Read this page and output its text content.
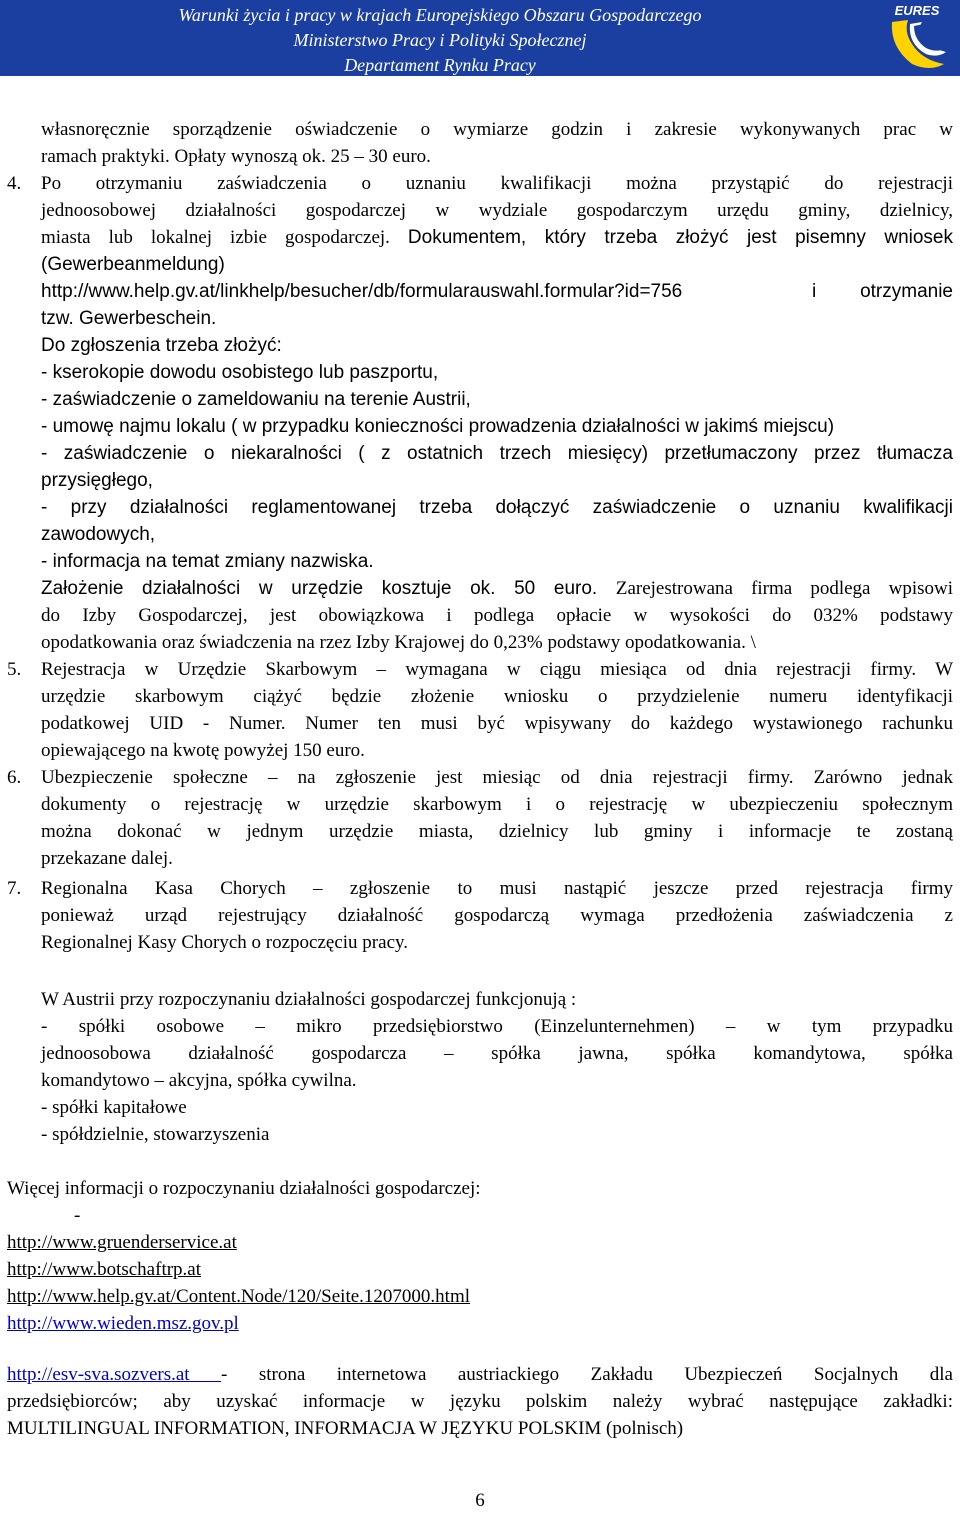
Warunki życia i pracy w krajach Europejskiego Obszaru Gospodarczego
Ministerstwo Pracy i Polityki Społecznej
Departament Rynku Pracy
EURES
własnoręcznie sporządzenie oświadczenie o wymiarze godzin i zakresie wykonywanych prac w
ramach praktyki. Opłaty wynoszą ok. 25 – 30 euro.
4. Po otrzymaniu zaświadczenia o uznaniu kwalifikacji można przystąpić do rejestracji
jednoosobowej działalności gospodarczej w wydziale gospodarczym urzędu gminy, dzielnicy,
miasta lub lokalnej izbie gospodarczej. Dokumentem, który trzeba złożyć jest pisemny wniosek
(Gewerbeanmeldung)
http://www.help.gv.at/linkhelp/besucher/db/formularauswahl.formular?id=756	i otrzymanie
tzw. Gewerbeschein.
Do zgłoszenia trzeba złożyć:
- kserokopie dowodu osobistego lub paszportu,
- zaświadczenie o zameldowaniu na terenie Austrii,
- umowę najmu lokalu ( w przypadku konieczności prowadzenia działalności w jakimś miejscu)
- zaświadczenie o niekaralności ( z ostatnich trzech miesięcy) przetłumaczony przez tłumacza
przysięgłego,
- przy działalności reglamentowanej trzeba dołączyć zaświadczenie o uznaniu kwalifikacji
zawodowych,
- informacja na temat zmiany nazwiska.
Założenie działalności w urzędzie kosztuje ok. 50 euro. Zarejestrowana firma podlega wpisowi
do Izby Gospodarczej, jest obowiązkowa i podlega opłacie w wysokości do 032% podstawy
opodatkowania oraz świadczenia na rzez Izby Krajowej do 0,23% podstawy opodatkowania. \
5. Rejestracja w Urzędzie Skarbowym – wymagana w ciągu miesiąca od dnia rejestracji firmy. W
urzędzie skarbowym ciążyć będzie złożenie wniosku o przydzielenie numeru identyfikacji
podatkowej UID - Numer. Numer ten musi być wpisywany do każdego wystawionego rachunku
opiewającego na kwotę powyżej 150 euro.
6. Ubezpieczenie społeczne – na zgłoszenie jest miesiąc od dnia rejestracji firmy. Zarówno jednak
dokumenty o rejestrację w urzędzie skarbowym i o rejestrację w ubezpieczeniu społecznym
można dokonać w jednym urzędzie miasta, dzielnicy lub gminy i informacje te zostaną
przekazane dalej.
7. Regionalna Kasa Chorych – zgłoszenie to musi nastąpić jeszcze przed rejestracja firmy
ponieważ urząd rejestrujący działalność gospodarczą wymaga przedłożenia zaświadczenia z
Regionalnej Kasy Chorych o rozpoczęciu pracy.
W Austrii przy rozpoczynaniu działalności gospodarczej funkcjonują :
- spółki osobowe – mikro przedsiębiorstwo (Einzelunternehmen) – w tym przypadku
jednoosobowa działalność gospodarcza – spółka jawna, spółka komandytowa, spółka
komandytowo – akcyjna, spółka cywilna.
- spółki kapitałowe
- spółdzielnie, stowarzyszenia
Więcej informacji o rozpoczynaniu działalności gospodarczej:
-
http://www.gruenderservice.at
http://www.botschaftrp.at
http://www.help.gv.at/Content.Node/120/Seite.1207000.html
http://www.wieden.msz.gov.pl
http://esv-sva.sozvers.at - strona internetowa austriackiego Zakładu Ubezpieczeń Socjalnych dla
przedsiębiorców; aby uzyskać informacje w języku polskim należy wybrać następujące zakładki:
MULTILINGUAL INFORMATION, INFORMACJA W JĘZYKU POLSKIM (polnisch)
6
